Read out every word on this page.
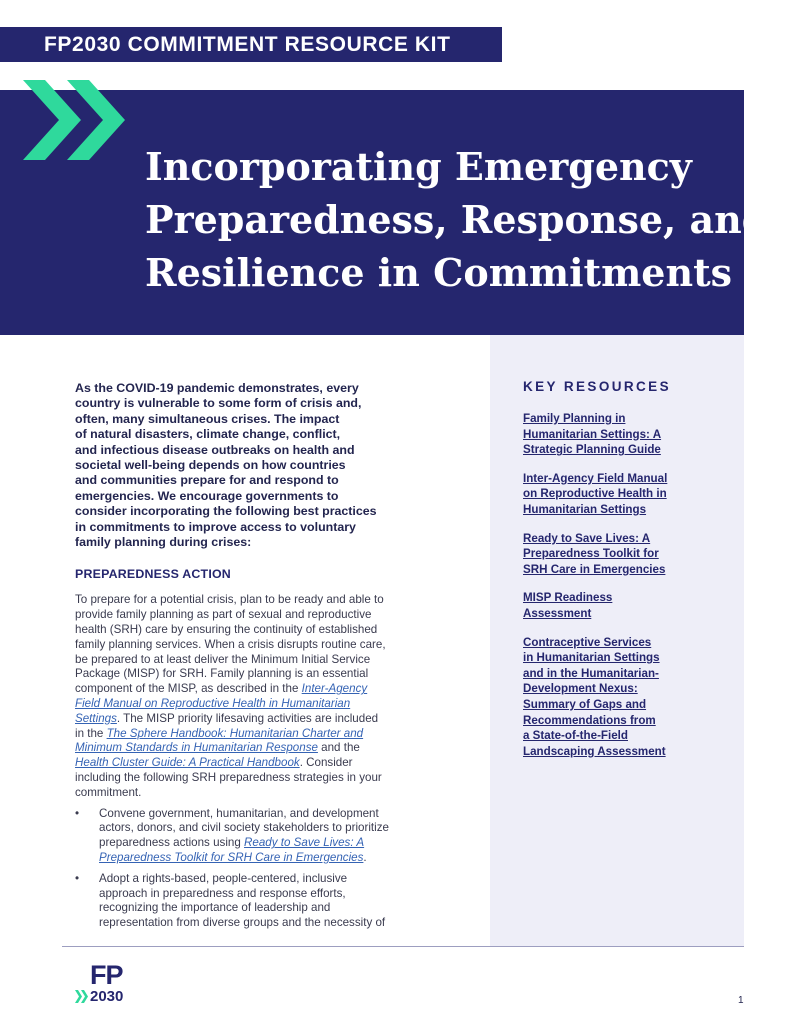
FP2030 COMMITMENT RESOURCE KIT
Incorporating Emergency
Preparedness, Response, and
Resilience in Commitments
KEY RESOURCES
Family Planning in
Humanitarian Settings: A
Strategic Planning Guide
Inter-Agency Field Manual
on Reproductive Health in
Humanitarian Settings
Ready to Save Lives: A
Preparedness Toolkit for
SRH Care in Emergencies
MISP Readiness
Assessment
Contraceptive Services
in Humanitarian Settings
and in the Humanitarian-
Development Nexus:
Summary of Gaps and
Recommendations from
a State-of-the-Field
Landscaping Assessment
As the COVID-19 pandemic demonstrates, every
country is vulnerable to some form of crisis and,
often, many simultaneous crises. The impact
of natural disasters, climate change, conflict,
and infectious disease outbreaks on health and
societal well-being depends on how countries
and communities prepare for and respond to
emergencies. We encourage governments to
consider incorporating the following best practices
in commitments to improve access to voluntary
family planning during crises:
PREPAREDNESS ACTION
To prepare for a potential crisis, plan to be ready and able to
provide family planning as part of sexual and reproductive
health (SRH) care by ensuring the continuity of established
family planning services. When a crisis disrupts routine care,
be prepared to at least deliver the Minimum Initial Service
Package (MISP) for SRH. Family planning is an essential
component of the MISP, as described in the Inter-Agency
Field Manual on Reproductive Health in Humanitarian
Settings. The MISP priority lifesaving activities are included
in the The Sphere Handbook: Humanitarian Charter and
Minimum Standards in Humanitarian Response and the
Health Cluster Guide: A Practical Handbook. Consider
including the following SRH preparedness strategies in your
commitment.
• Convene government, humanitarian, and development
actors, donors, and civil society stakeholders to prioritize
preparedness actions using Ready to Save Lives: A
Preparedness Toolkit for SRH Care in Emergencies.
• Adopt a rights-based, people-centered, inclusive
approach in preparedness and response efforts,
recognizing the importance of leadership and
representation from diverse groups and the necessity of
FP
2030	1
